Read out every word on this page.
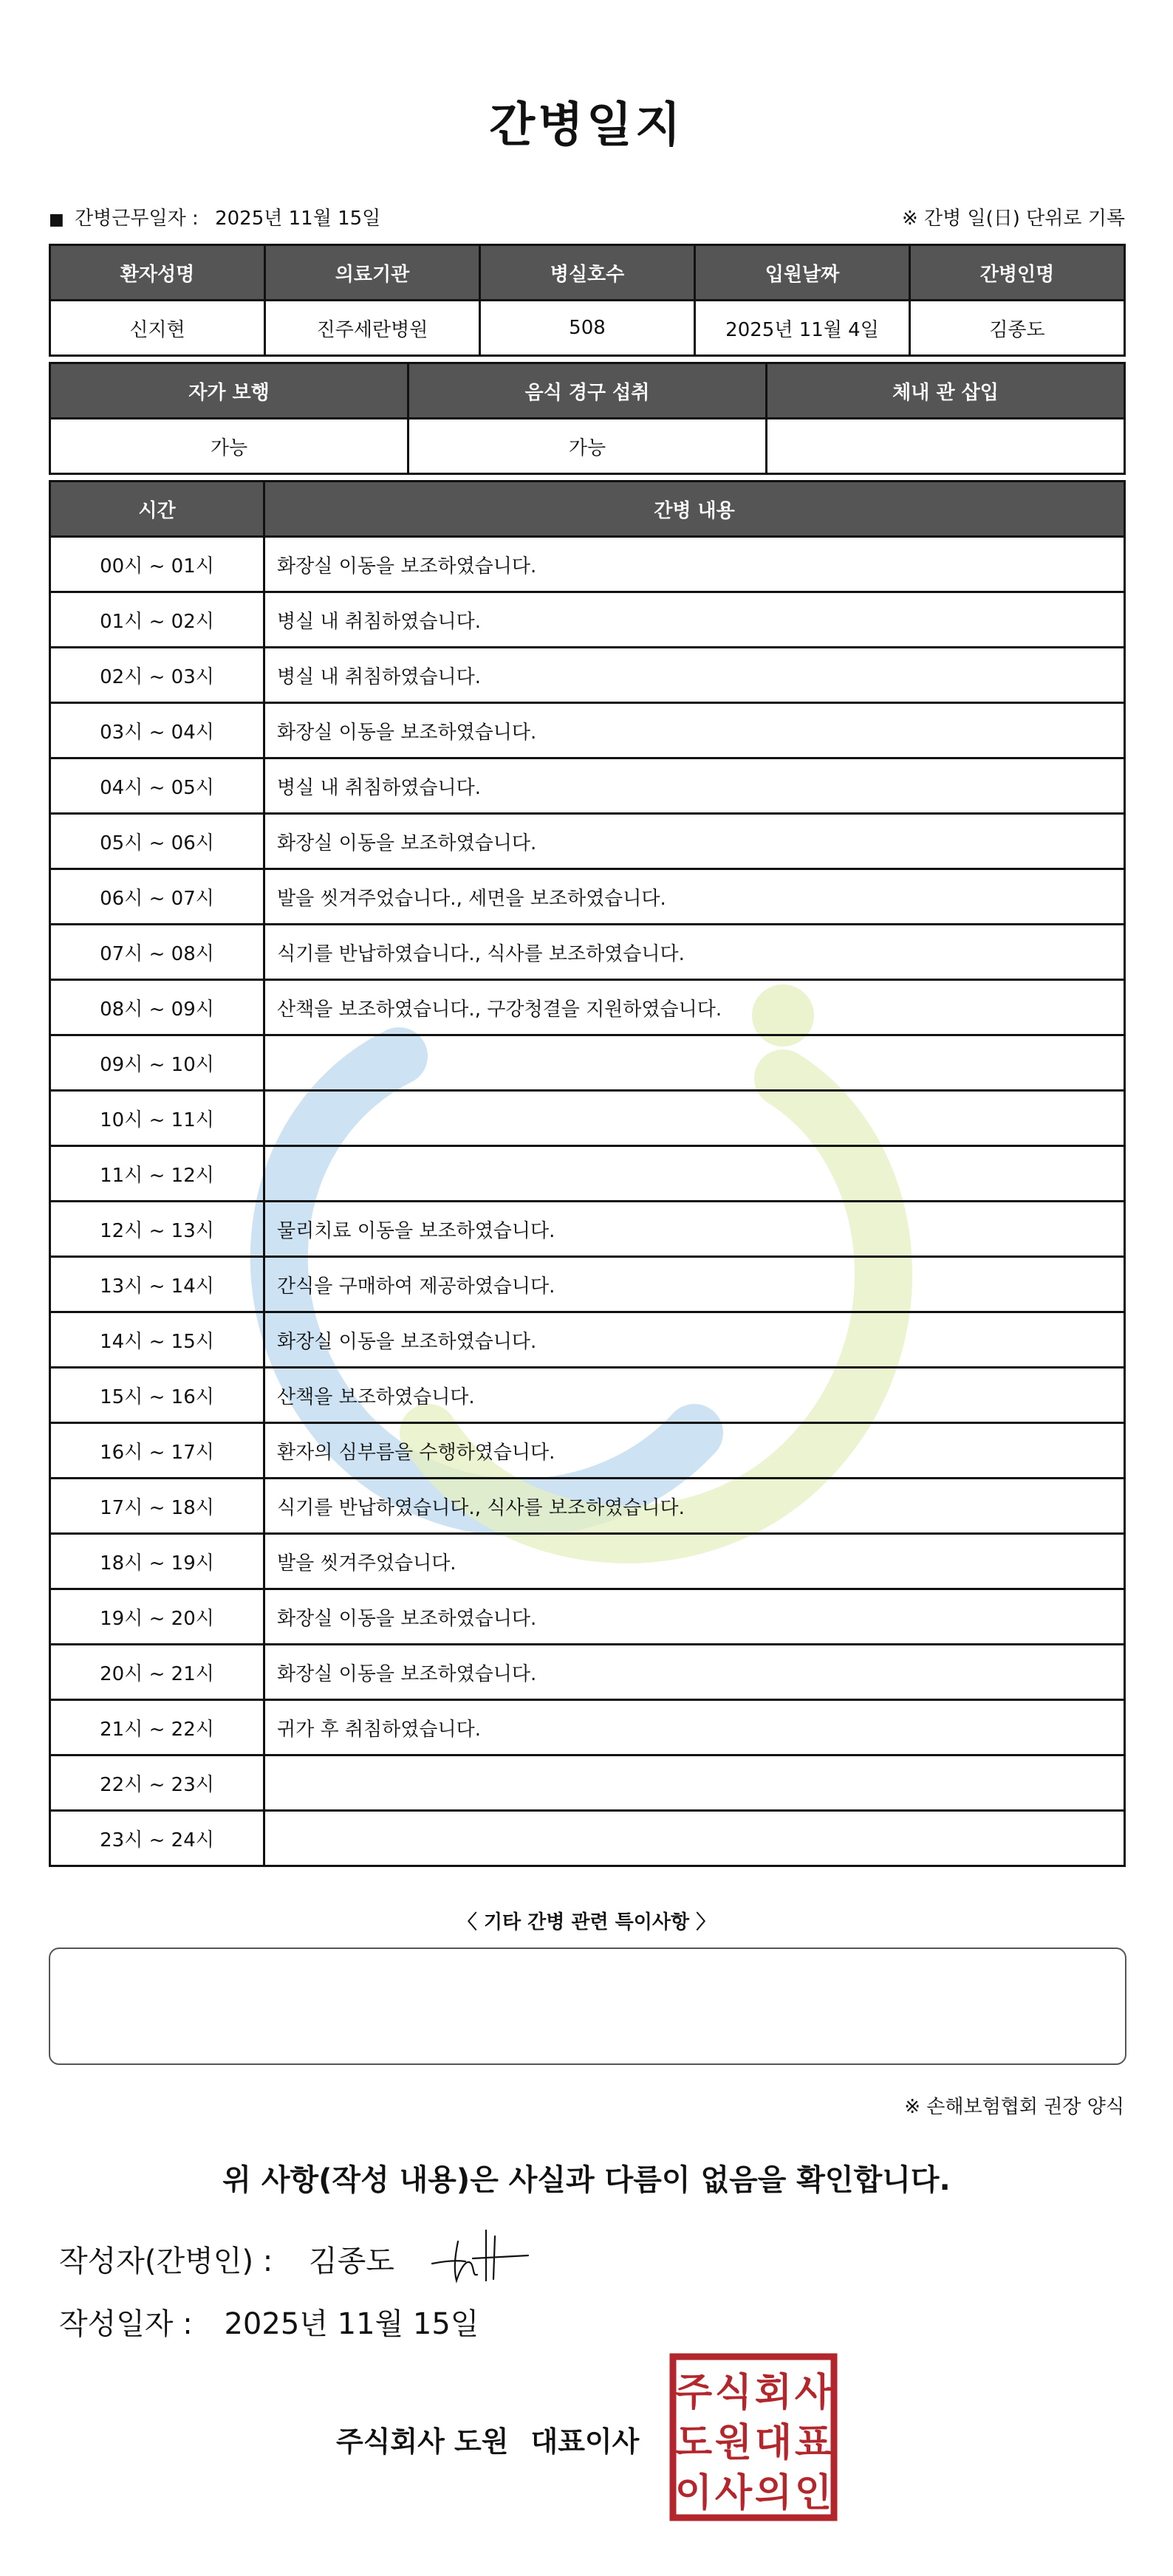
간병일지
■ 간병근무일자 : 2025년 11월 15일	※ 간병 일(日) 단위로 기록
환자성명	의료기관	병실호수	입원날짜	간병인명
신지현	진주세란병원	508	2025년 11월 4일	김종도
자가 보행	음식 경구 섭취	체내 관 삽입
가능	가능	
시간	간병 내용
00시 ~ 01시	화장실 이동을 보조하였습니다.
01시 ~ 02시	병실 내 취침하였습니다.
02시 ~ 03시	병실 내 취침하였습니다.
03시 ~ 04시	화장실 이동을 보조하였습니다.
04시 ~ 05시	병실 내 취침하였습니다.
05시 ~ 06시	화장실 이동을 보조하였습니다.
06시 ~ 07시	발을 씻겨주었습니다., 세면을 보조하였습니다.
07시 ~ 08시	식기를 반납하였습니다., 식사를 보조하였습니다.
08시 ~ 09시	산책을 보조하였습니다., 구강청결을 지원하였습니다.
09시 ~ 10시	
10시 ~ 11시	
11시 ~ 12시	
12시 ~ 13시	물리치료 이동을 보조하였습니다.
13시 ~ 14시	간식을 구매하여 제공하였습니다.
14시 ~ 15시	화장실 이동을 보조하였습니다.
15시 ~ 16시	산책을 보조하였습니다.
16시 ~ 17시	환자의 심부름을 수행하였습니다.
17시 ~ 18시	식기를 반납하였습니다., 식사를 보조하였습니다.
18시 ~ 19시	발을 씻겨주었습니다.
19시 ~ 20시	화장실 이동을 보조하였습니다.
20시 ~ 21시	화장실 이동을 보조하였습니다.
21시 ~ 22시	귀가 후 취침하였습니다.
22시 ~ 23시	
23시 ~ 24시	
〈 기타 간병 관련 특이사항 〉
※ 손해보험협회 권장 양식
위 사항(작성 내용)은 사실과 다름이 없음을 확인합니다.
작성자(간병인) : 김종도
작성일자 : 2025년 11월 15일
주식회사 도원 대표이사
주 식 회 사
도 원 대 표
이 사 의 인
